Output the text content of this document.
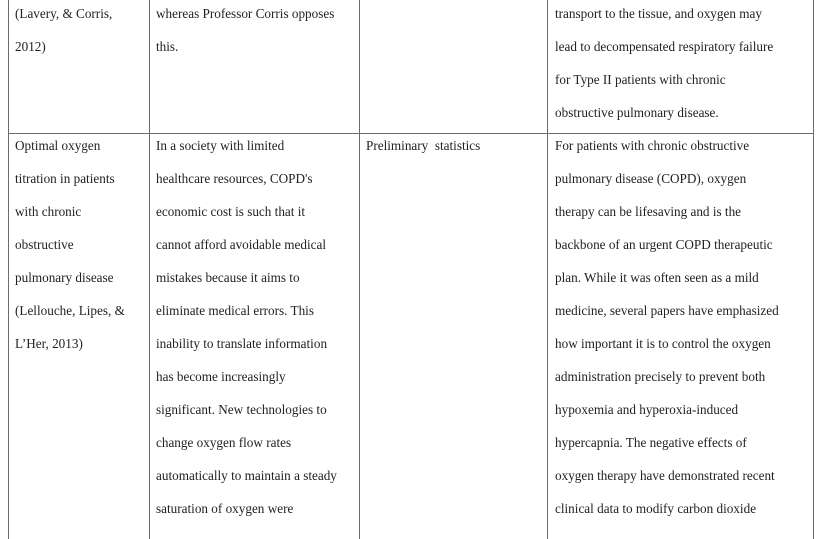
(Lavery, & Corris,
2012)
whereas Professor Corris opposes
this.
transport to the tissue, and oxygen may
lead to decompensated respiratory failure
for Type II patients with chronic
obstructive pulmonary disease.
Optimal oxygen
titration in patients
with chronic
obstructive
pulmonary disease
(Lellouche, Lipes, &
L’Her, 2013)
In a society with limited
healthcare resources, COPD's
economic cost is such that it
cannot afford avoidable medical
mistakes because it aims to
eliminate medical errors. This
inability to translate information
has become increasingly
significant. New technologies to
change oxygen flow rates
automatically to maintain a steady
saturation of oxygen were
Preliminary  statistics	For patients with chronic obstructive
pulmonary disease (COPD), oxygen
therapy can be lifesaving and is the
backbone of an urgent COPD therapeutic
plan. While it was often seen as a mild
medicine, several papers have emphasized
how important it is to control the oxygen
administration precisely to prevent both
hypoxemia and hyperoxia-induced
hypercapnia. The negative effects of
oxygen therapy have demonstrated recent
clinical data to modify carbon dioxide
